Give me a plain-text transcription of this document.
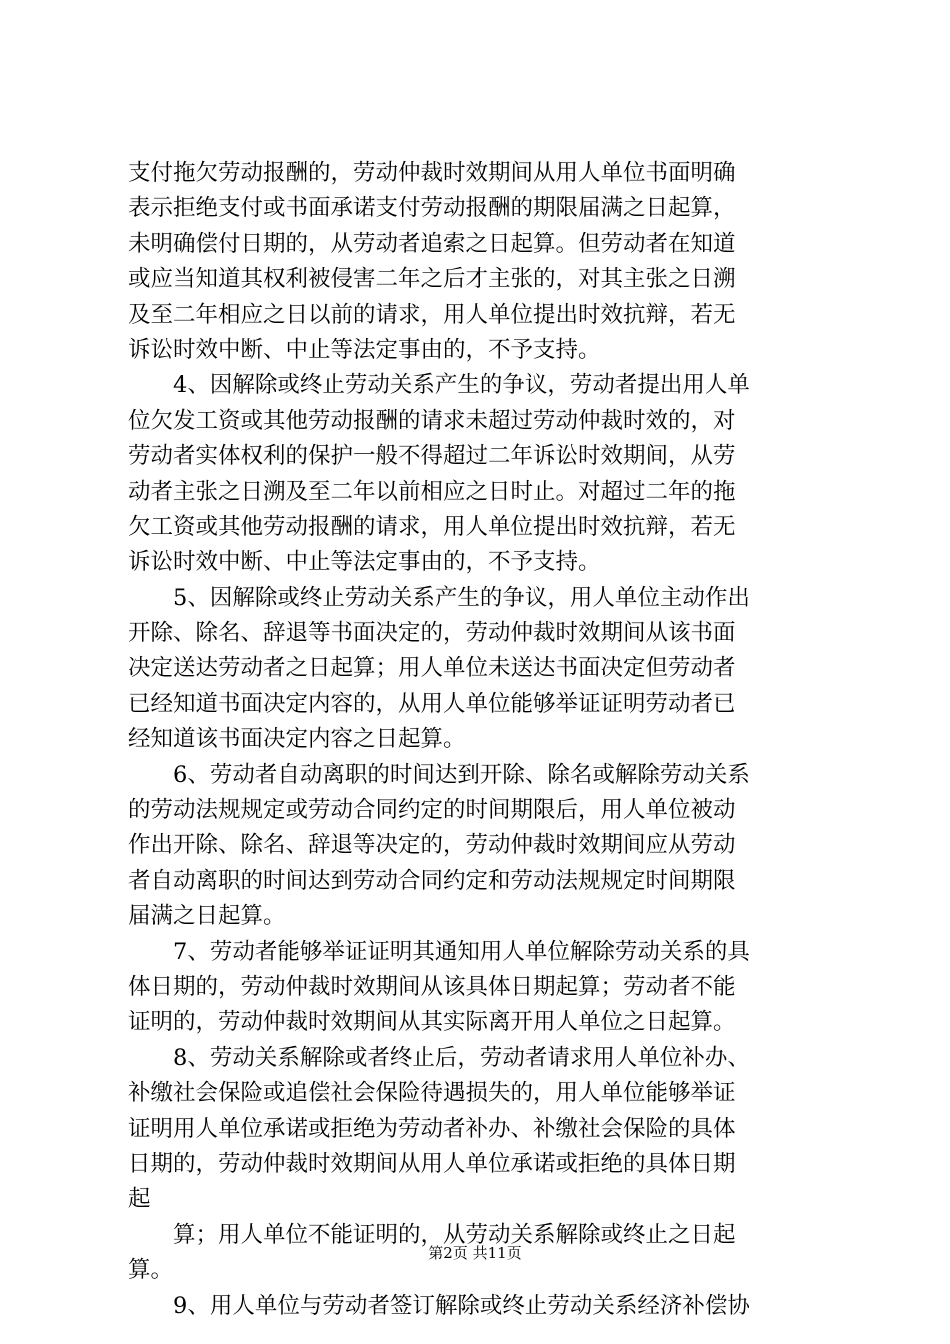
支付拖欠劳动报酬的，劳动仲裁时效期间从用人单位书面明确
表示拒绝支付或书面承诺支付劳动报酬的期限届满之日起算，
未明确偿付日期的，从劳动者追索之日起算。但劳动者在知道
或应当知道其权利被侵害二年之后才主张的，对其主张之日溯
及至二年相应之日以前的请求，用人单位提出时效抗辩，若无
诉讼时效中断、中止等法定事由的，不予支持。
4、因解除或终止劳动关系产生的争议，劳动者提出用人单
位欠发工资或其他劳动报酬的请求未超过劳动仲裁时效的，对
劳动者实体权利的保护一般不得超过二年诉讼时效期间，从劳
动者主张之日溯及至二年以前相应之日时止。对超过二年的拖
欠工资或其他劳动报酬的请求，用人单位提出时效抗辩，若无
诉讼时效中断、中止等法定事由的，不予支持。
5、因解除或终止劳动关系产生的争议，用人单位主动作出
开除、除名、辞退等书面决定的，劳动仲裁时效期间从该书面
决定送达劳动者之日起算；用人单位未送达书面决定但劳动者
已经知道书面决定内容的，从用人单位能够举证证明劳动者已
经知道该书面决定内容之日起算。
6、劳动者自动离职的时间达到开除、除名或解除劳动关系
的劳动法规规定或劳动合同约定的时间期限后，用人单位被动
作出开除、除名、辞退等决定的，劳动仲裁时效期间应从劳动
者自动离职的时间达到劳动合同约定和劳动法规规定时间期限
届满之日起算。
7、劳动者能够举证证明其通知用人单位解除劳动关系的具
体日期的，劳动仲裁时效期间从该具体日期起算；劳动者不能
证明的，劳动仲裁时效期间从其实际离开用人单位之日起算。
8、劳动关系解除或者终止后，劳动者请求用人单位补办、
补缴社会保险或追偿社会保险待遇损失的，用人单位能够举证
证明用人单位承诺或拒绝为劳动者补办、补缴社会保险的具体
日期的，劳动仲裁时效期间从用人单位承诺或拒绝的具体日期
起
算；用人单位不能证明的，从劳动关系解除或终止之日起
算。
9、用人单位与劳动者签订解除或终止劳动关系经济补偿协
第2页 共11页
